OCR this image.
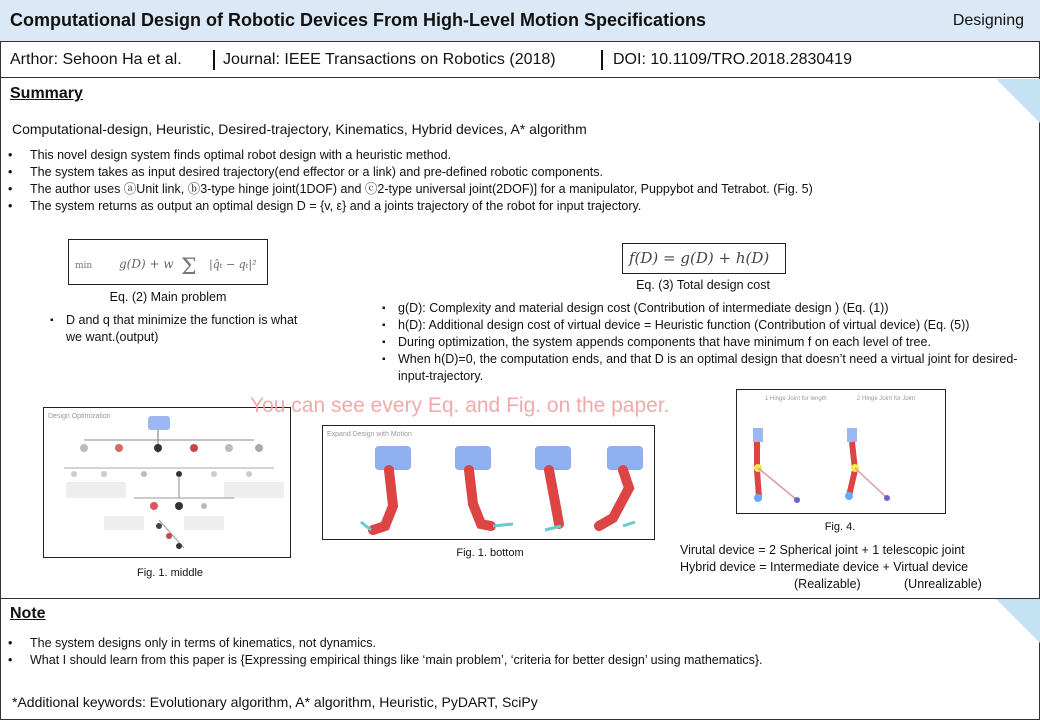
Computational Design of Robotic Devices From High-Level Motion Specifications	Designing
Arthor: Sehoon Ha et al.	Journal: IEEE Transactions on Robotics (2018)	DOI: 10.1109/TRO.2018.2830419
Summary
Computational-design, Heuristic, Desired-trajectory, Kinematics, Hybrid devices, A* algorithm
• This novel design system finds optimal robot design with a heuristic method.
• The system takes as input desired trajectory(end effector or a link) and pre-defined robotic components.
• The author uses ⓐUnit link, ⓑ3-type hinge joint(1DOF) and ⓒ2-type universal joint(2DOF)] for a manipulator, Puppybot and Tetrabot. (Fig. 5)
• The system returns as output an optimal design D = {v, ε} and a joints trajectory of the robot for input trajectory.
min g(D) + w Σ |q̂ₜ − qₜ|²
Eq. (2) Main problem
▪ D and q that minimize the function is what we want.(output)
f(D) = g(D) + h(D)
Eq. (3) Total design cost
▪ g(D): Complexity and material design cost (Contribution of intermediate design ) (Eq. (1))
▪ h(D): Additional design cost of virtual device = Heuristic function (Contribution of virtual device) (Eq. (5))
▪ During optimization, the system appends components that have minimum f on each level of tree.
▪ When h(D)=0, the computation ends, and that D is an optimal design that doesn’t need a virtual joint for desired-input-trajectory.
Design Optimization
Fig. 1. middle
Expand Design with Motion
Fig. 1. bottom
1 Hinge Joint for length	2 Hinge Joint for Joint
Fig. 4.
Virutal device = 2 Spherical joint + 1 telescopic joint
Hybrid device = Intermediate device + Virtual device
(Realizable)	(Unrealizable)
You can see every Eq. and Fig. on the paper.
Note
• The system designs only in terms of kinematics, not dynamics.
• What I should learn from this paper is {Expressing empirical things like ‘main problem’, ‘criteria for better design’ using mathematics}.
*Additional keywords: Evolutionary algorithm, A* algorithm, Heuristic, PyDART, SciPy
